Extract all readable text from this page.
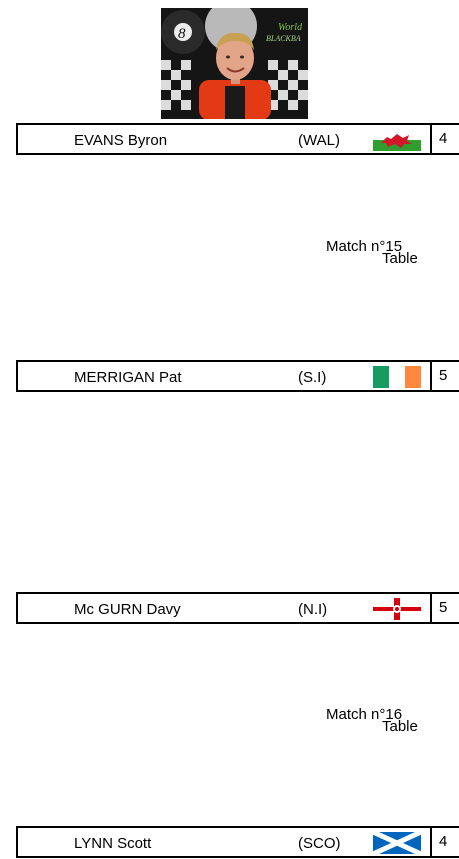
8	World
BLACKBA
EVANS Byron	(WAL)	4
Match n°15
Table
MERRIGAN Pat	(S.I)	5
Mc GURN Davy	(N.I)	5
Match n°16
Table
LYNN Scott	(SCO)	4
